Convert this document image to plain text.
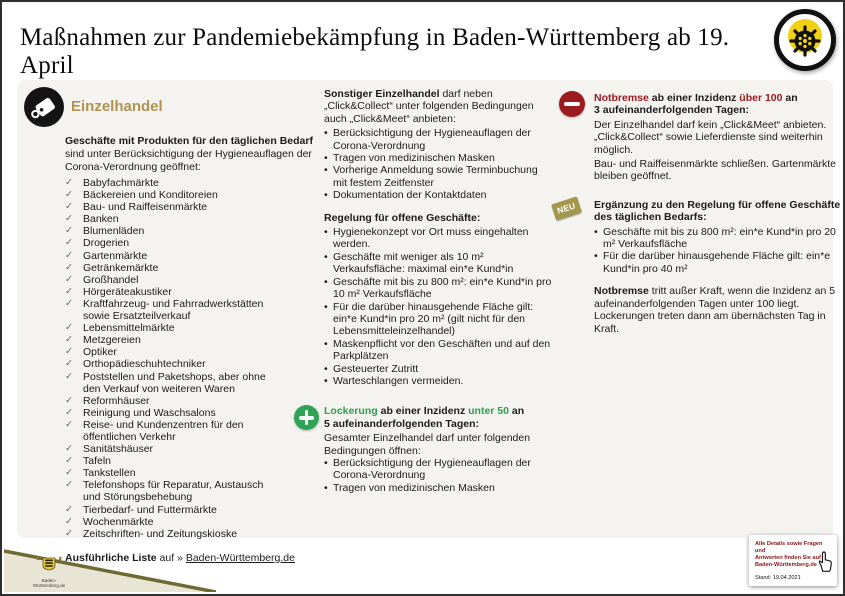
Maßnahmen zur Pandemiebekämpfung in Baden-Württemberg ab 19. April
Einzelhandel

Geschäfte mit Produkten für den täglichen Bedarf
sind unter Berücksichtigung der Hygieneauflagen der Corona-Verordnung geöffnet:

✓ Babyfachmärkte
✓ Bäckereien und Konditoreien
✓ Bau- und Raiffeisenmärkte
✓ Banken
✓ Blumenläden
✓ Drogerien
✓ Gartenmärkte
✓ Getränkemärkte
✓ Großhandel
✓ Hörgeräteakustiker
✓ Kraftfahrzeug- und Fahrradwerkstätten sowie Ersatzteilverkauf
✓ Lebensmittelmärkte
✓ Metzgereien
✓ Optiker
✓ Orthopädieschuhtechniker
✓ Poststellen und Paketshops, aber ohne den Verkauf von weiteren Waren
✓ Reformhäuser
✓ Reinigung und Waschsalons
✓ Reise- und Kundenzentren für den öffentlichen Verkehr
✓ Sanitätshäuser
✓ Tafeln
✓ Tankstellen
✓ Telefonshops für Reparatur, Austausch und Störungsbehebung
✓ Tierbedarf- und Futtermärkte
✓ Wochenmärkte
✓ Zeitschriften- und Zeitungskioske

Ausführliche Liste auf » Baden-Württemberg.de

Sonstiger Einzelhandel darf neben „Click&Collect“ unter folgenden Bedingungen auch „Click&Meet“ anbieten:

• Berücksichtigung der Hygieneauflagen der Corona-Verordnung
• Tragen von medizinischen Masken
• Vorherige Anmeldung sowie Terminbuchung mit festem Zeitfenster
• Dokumentation der Kontaktdaten

Regelung für offene Geschäfte:

• Hygienekonzept vor Ort muss eingehalten werden.
• Geschäfte mit weniger als 10 m² Verkaufsfläche: maximal ein*e Kund*in
• Geschäfte mit bis zu 800 m²: ein*e Kund*in pro 10 m² Verkaufsfläche
• Für die darüber hinausgehende Fläche gilt: ein*e Kund*in pro 20 m² (gilt nicht für den Lebensmitteleinzelhandel)
• Maskenpflicht vor den Geschäften und auf den Parkplätzen
• Gesteuerter Zutritt
• Warteschlangen vermeiden.

Lockerung ab einer Inzidenz unter 50 an
5 aufeinanderfolgenden Tagen:

Gesamter Einzelhandel darf unter folgenden Bedingungen öffnen:

• Berücksichtigung der Hygieneauflagen der Corona-Verordnung
• Tragen von medizinischen Masken

Notbremse ab einer Inzidenz über 100 an
3 aufeinanderfolgenden Tagen:

Der Einzelhandel darf kein „Click&Meet“ anbieten. „Click&Collect“ sowie Lieferdienste sind weiterhin möglich.

Bau- und Raiffeisenmärkte schließen. Gartenmärkte bleiben geöffnet.

NEU	Ergänzung zu den Regelung für offene Geschäfte des täglichen Bedarfs:

• Geschäfte mit bis zu 800 m²: ein*e Kund*in pro 20 m² Verkaufsfläche
• Für die darüber hinausgehende Fläche gilt: ein*e Kund*in pro 40 m²

Notbremse tritt außer Kraft, wenn die Inzidenz an 5 aufeinanderfolgenden Tagen unter 100 liegt. Lockerungen treten dann am übernächsten Tag in Kraft.

Baden-Württemberg.de
Alle Details sowie Fragen und
Antworten finden Sie auf
Baden-Württemberg.de
Stand: 19.04.2021
